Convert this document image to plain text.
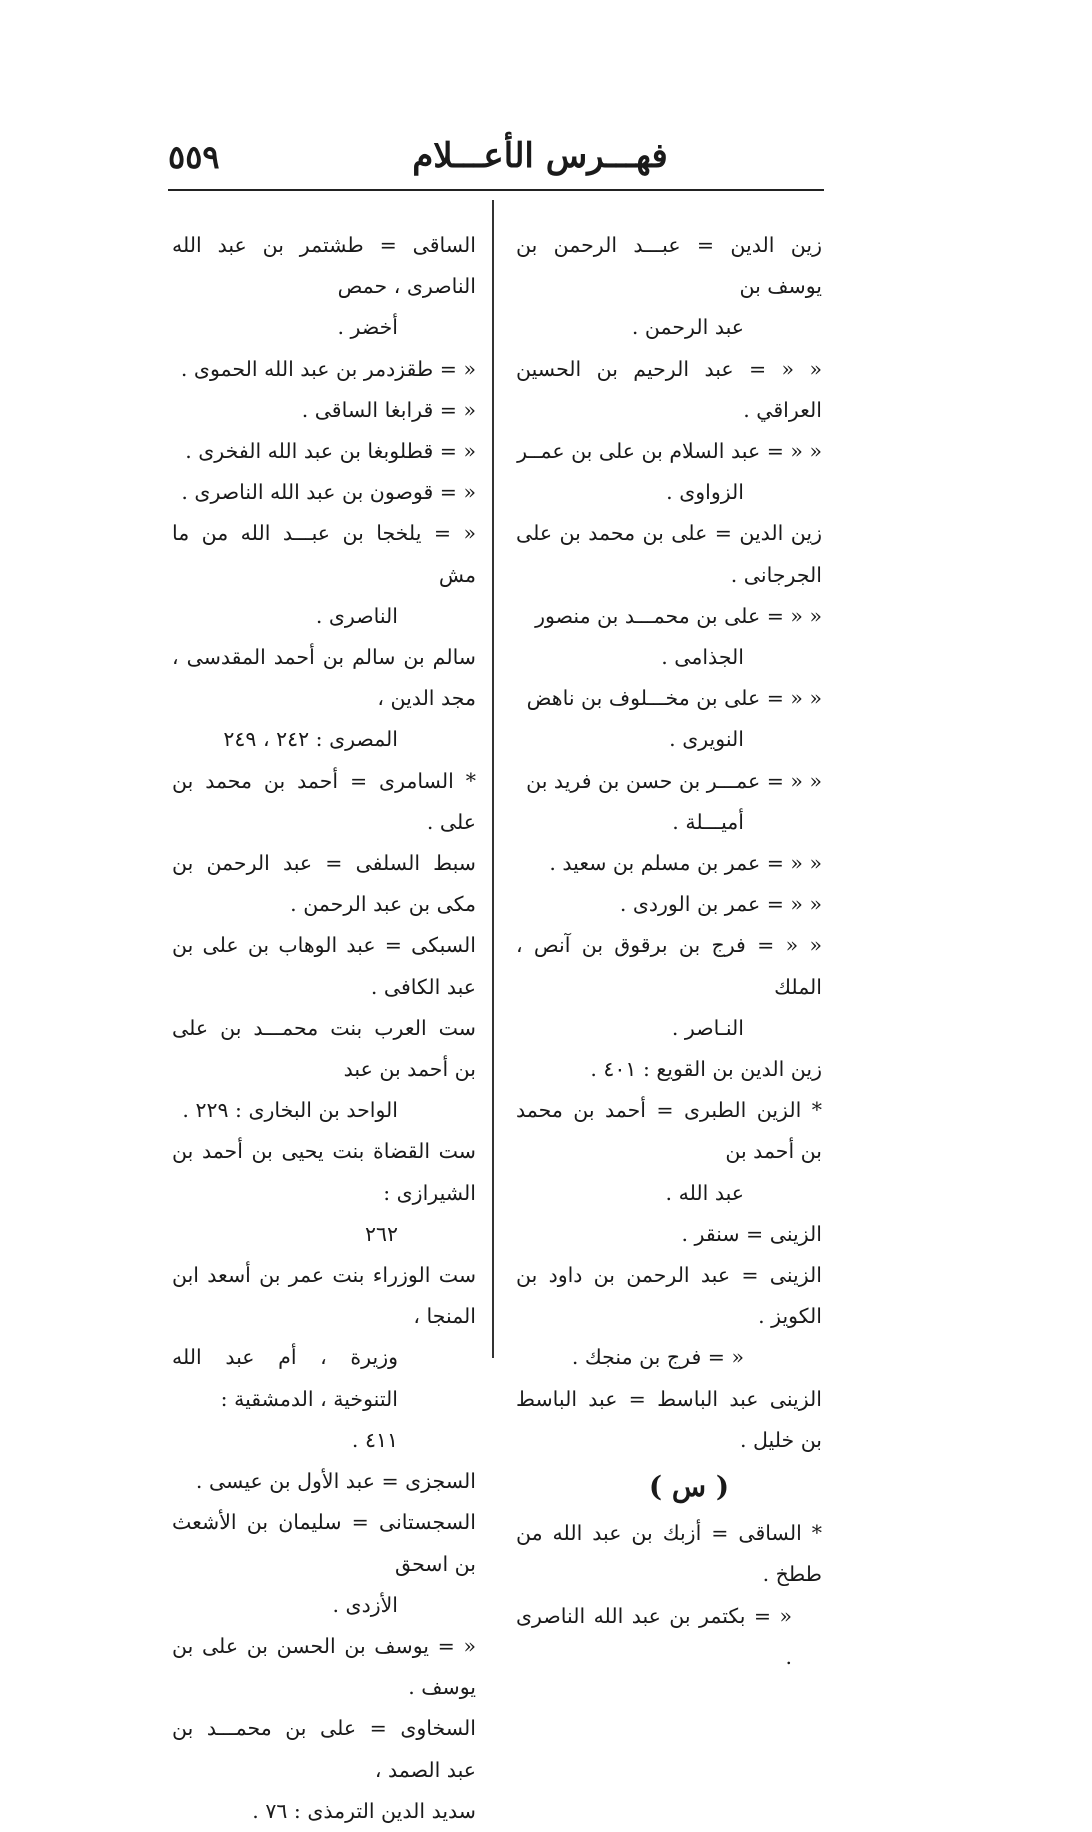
فهـــرس الأعـــلام
٥٥٩
زين الدين = عبـــد الرحمن بن يوسف بن
عبد الرحمن .
« « = عبد الرحيم بن الحسين العراقي .
« « = عبد السلام بن على بن عمــر
الزواوى .
زين الدين = على بن محمد بن على الجرجانى .
« « = على بن محمـــد بن منصور
الجذامى .
« « = على بن مخـــلوف بن ناهض
النويرى .
« « = عمـــر بن حسن بن فريد بن
أميـــلة .
« « = عمر بن مسلم بن سعيد .
« « = عمر بن الوردى .
« « = فرج بن برقوق بن آنص ، الملك
النـاصر .
زين الدين بن القويع : ٤٠١ .
* الزين الطبرى = أحمد بن محمد بن أحمد بن
عبد الله .
الزينى = سنقر .
الزينى = عبد الرحمن بن داود بن الكويز .
« = فرج بن منجك .
الزينى عبد الباسط = عبد الباسط بن خليل .
( س )
* الساقى = أزبك بن عبد الله من ططخ .
« = بكتمر بن عبد الله الناصرى .
الساقى = طشتمر بن عبد الله الناصرى ، حمص
أخضر .
« = طقزدمر بن عبد الله الحموى .
« = قرابغا الساقى .
« = قطلوبغا بن عبد الله الفخرى .
« = قوصون بن عبد الله الناصرى .
« = يلخجا بن عبـــد الله من ما مش
الناصرى .
سالم بن سالم بن أحمد المقدسى ، مجد الدين ،
المصرى : ٢٤٢ ، ٢٤٩
* السامرى = أحمد بن محمد بن على .
سبط السلفى = عبد الرحمن بن مكى بن عبد الرحمن .
السبكى = عبد الوهاب بن على بن عبد الكافى .
ست العرب بنت محمـــد بن على بن أحمد بن عبد
الواحد بن البخارى : ٢٢٩ .
ست القضاة بنت يحيى بن أحمد بن الشيرازى :
٢٦٢
ست الوزراء بنت عمر بن أسعد ابن المنجا ،
وزيرة ، أم عبد الله التنوخية ، الدمشقية :
٤١١ .
السجزى = عبد الأول بن عيسى .
السجستانى = سليمان بن الأشعث بن اسحق
الأزدى .
« = يوسف بن الحسن بن على بن يوسف .
السخاوى = على بن محمـــد بن عبد الصمد ،
سديد الدين الترمذى : ٧٦ .
